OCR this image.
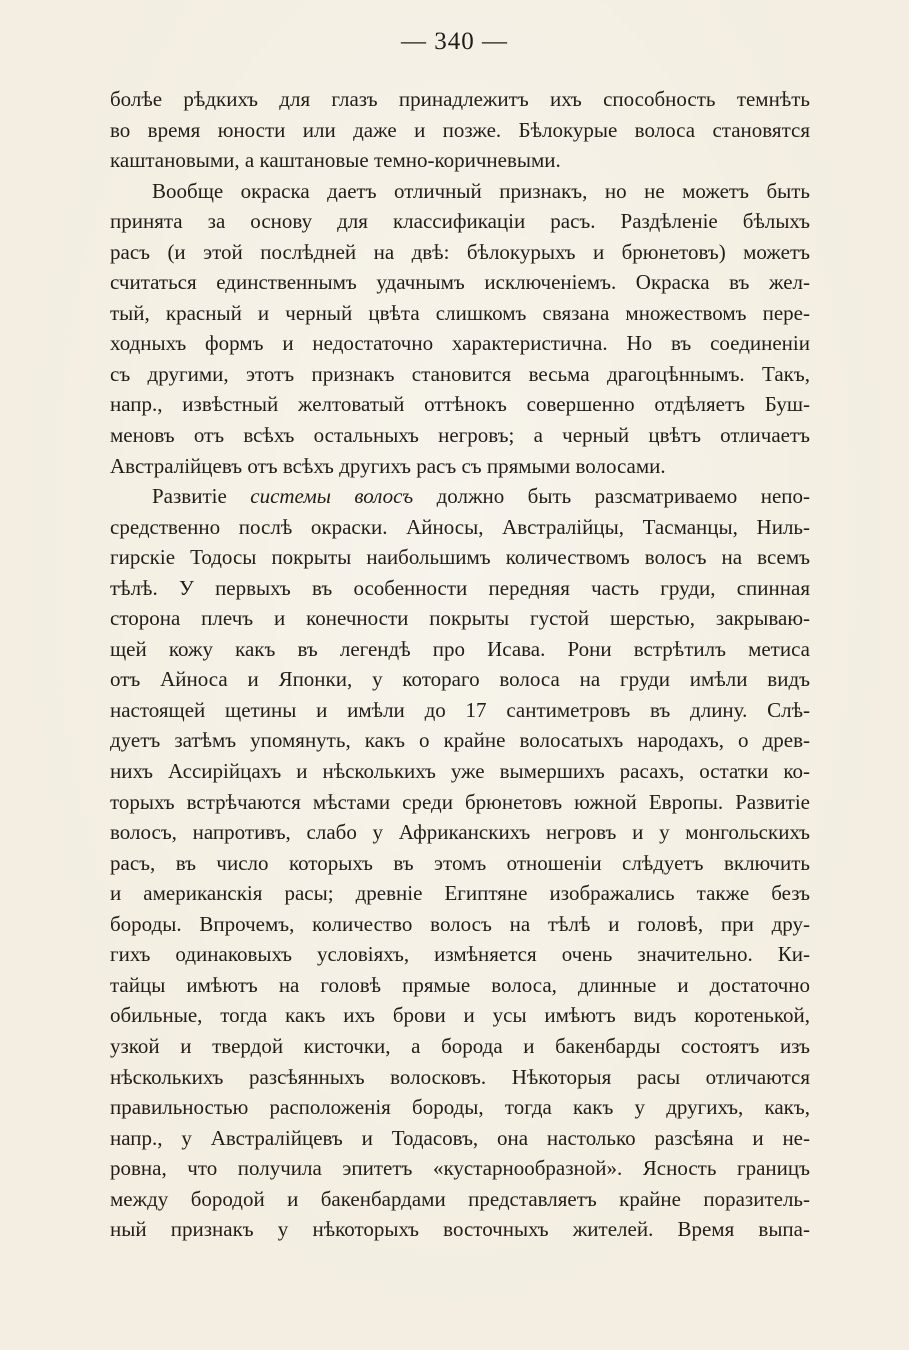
— 340 —
болѣе рѣдкихъ для глазъ принадлежитъ ихъ способность темнѣть
во время юности или даже и позже. Бѣлокурые волоса становятся
каштановыми, а каштановые темно-коричневыми.
Вообще окраска даетъ отличный признакъ, но не можетъ быть
принята за основу для классификаціи расъ. Раздѣленіе бѣлыхъ
расъ (и этой послѣдней на двѣ: бѣлокурыхъ и брюнетовъ) можетъ
считаться единственнымъ удачнымъ исключеніемъ. Окраска въ жел-
тый, красный и черный цвѣта слишкомъ связана множествомъ пере-
ходныхъ формъ и недостаточно характеристична. Но въ соединеніи
съ другими, этотъ признакъ становится весьма драгоцѣннымъ. Такъ,
напр., извѣстный желтоватый оттѣнокъ совершенно отдѣляетъ Буш-
меновъ отъ всѣхъ остальныхъ негровъ; а черный цвѣтъ отличаетъ
Австралійцевъ отъ всѣхъ другихъ расъ съ прямыми волосами.
Развитіе системы волосъ должно быть разсматриваемо непо-
средственно послѣ окраски. Айносы, Австралійцы, Тасманцы, Ниль-
гирскіе Тодосы покрыты наибольшимъ количествомъ волосъ на всемъ
тѣлѣ. У первыхъ въ особенности передняя часть груди, спинная
сторона плечъ и конечности покрыты густой шерстью, закрываю-
щей кожу какъ въ легендѣ про Исава. Рони встрѣтилъ метиса
отъ Айноса и Японки, у котораго волоса на груди имѣли видъ
настоящей щетины и имѣли до 17 сантиметровъ въ длину. Слѣ-
дуетъ затѣмъ упомянуть, какъ о крайне волосатыхъ народахъ, о древ-
нихъ Ассирійцахъ и нѣсколькихъ уже вымершихъ расахъ, остатки ко-
торыхъ встрѣчаются мѣстами среди брюнетовъ южной Европы. Развитіе
волосъ, напротивъ, слабо у Африканскихъ негровъ и у монгольскихъ
расъ, въ число которыхъ въ этомъ отношеніи слѣдуетъ включить
и американскія расы; древніе Египтяне изображались также безъ
бороды. Впрочемъ, количество волосъ на тѣлѣ и головѣ, при дру-
гихъ одинаковыхъ условіяхъ, измѣняется очень значительно. Ки-
тайцы имѣютъ на головѣ прямые волоса, длинные и достаточно
обильные, тогда какъ ихъ брови и усы имѣютъ видъ коротенькой,
узкой и твердой кисточки, а борода и бакенбарды состоятъ изъ
нѣсколькихъ разсѣянныхъ волосковъ. Нѣкоторыя расы отличаются
правильностью расположенія бороды, тогда какъ у другихъ, какъ,
напр., у Австралійцевъ и Тодасовъ, она настолько разсѣяна и не-
ровна, что получила эпитетъ «кустарнообразной». Ясность границъ
между бородой и бакенбардами представляетъ крайне поразитель-
ный признакъ у нѣкоторыхъ восточныхъ жителей. Время выпа-
